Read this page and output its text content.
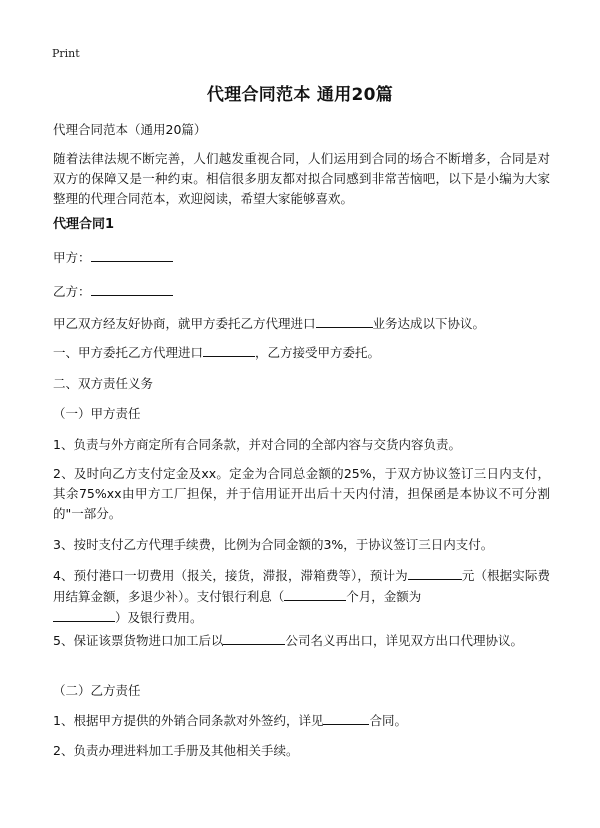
Print
代理合同范本 通用20篇
代理合同范本（通用20篇）
随着法律法规不断完善，人们越发重视合同，人们运用到合同的场合不断增多，合同是对双方的保障又是一种约束。相信很多朋友都对拟合同感到非常苦恼吧，以下是小编为大家整理的代理合同范本，欢迎阅读，希望大家能够喜欢。
代理合同1
甲方：
乙方：
甲乙双方经友好协商，就甲方委托乙方代理进口	业务达成以下协议。
一、甲方委托乙方代理进口	，乙方接受甲方委托。
二、双方责任义务
（一）甲方责任
1、负责与外方商定所有合同条款，并对合同的全部内容与交货内容负责。
2、及时向乙方支付定金及xx。定金为合同总金额的25%，于双方协议签订三日内支付，其余75%xx由甲方工厂担保，并于信用证开出后十天内付清，担保函是本协议不可分割的"一部分。
3、按时支付乙方代理手续费，比例为合同金额的3%，于协议签订三日内支付。
4、预付港口一切费用（报关，接货，滞报，滞箱费等），预计为	元（根据实际费用结算金额，多退少补）。支付银行利息（	个月，金额为
）及银行费用。
5、保证该票货物进口加工后以	公司名义再出口，详见双方出口代理协议。
（二）乙方责任
1、根据甲方提供的外销合同条款对外签约，详见	合同。
2、负责办理进料加工手册及其他相关手续。
